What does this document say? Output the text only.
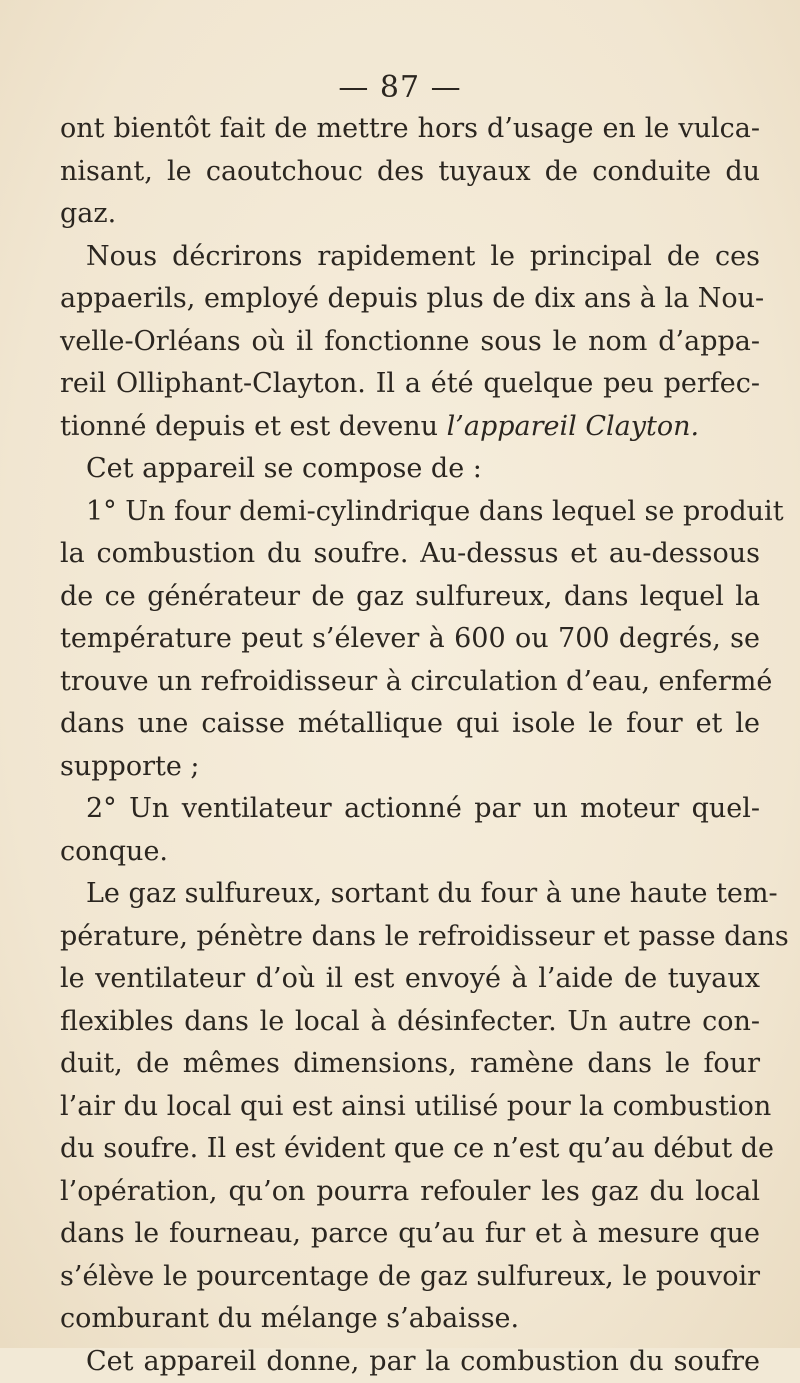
— 87 —
ont bientôt fait de mettre hors d’usage en le vulca-
nisant, le caoutchouc des tuyaux de conduite du
gaz.
Nous décrirons rapidement le principal de ces
appaerils, employé depuis plus de dix ans à la Nou-
velle-Orléans où il fonctionne sous le nom d’appa-
reil Olliphant-Clayton. Il a été quelque peu perfec-
tionné depuis et est devenu l’appareil Clayton.
Cet appareil se compose de :
1° Un four demi-cylindrique dans lequel se produit
la combustion du soufre. Au-dessus et au-dessous
de ce générateur de gaz sulfureux, dans lequel la
température peut s’élever à 600 ou 700 degrés, se
trouve un refroidisseur à circulation d’eau, enfermé
dans une caisse métallique qui isole le four et le
supporte ;
2° Un ventilateur actionné par un moteur quel-
conque.
Le gaz sulfureux, sortant du four à une haute tem-
pérature, pénètre dans le refroidisseur et passe dans
le ventilateur d’où il est envoyé à l’aide de tuyaux
flexibles dans le local à désinfecter. Un autre con-
duit, de mêmes dimensions, ramène dans le four
l’air du local qui est ainsi utilisé pour la combustion
du soufre. Il est évident que ce n’est qu’au début de
l’opération, qu’on pourra refouler les gaz du local
dans le fourneau, parce qu’au fur et à mesure que
s’élève le pourcentage de gaz sulfureux, le pouvoir
comburant du mélange s’abaisse.
Cet appareil donne, par la combustion du soufre
